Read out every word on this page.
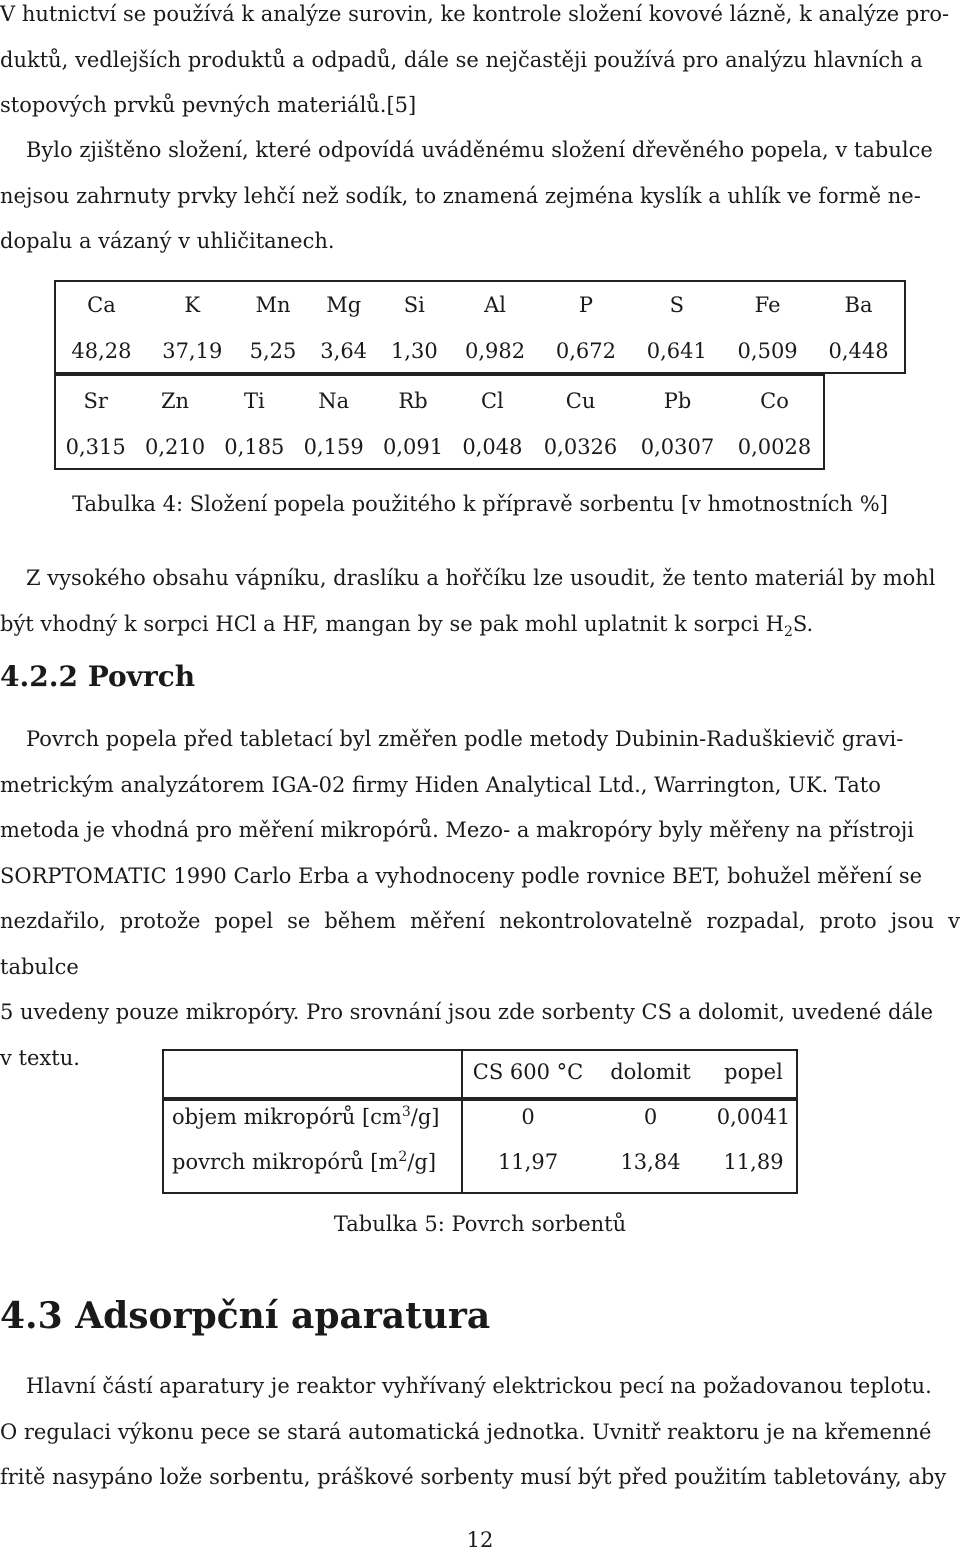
V hutnictví se používá k analýze surovin, ke kontrole složení kovové lázně, k analýze pro-

duktů, vedlejších produktů a odpadů, dále se nejčastěji používá pro analýzu hlavních a

stopových prvků pevných materiálů.[5]

Bylo zjištěno složení, které odpovídá uváděnému složení dřevěného popela, v tabulce

nejsou zahrnuty prvky lehčí než sodík, to znamená zejména kyslík a uhlík ve formě ne-

dopalu a vázaný v uhličitanech.

Ca	K	Mn	Mg	Si	Al	P	S	Fe	Ba
48,28	37,19	5,25	3,64	1,30	0,982	0,672	0,641	0,509	0,448
Sr	Zn	Ti	Na	Rb	Cl	Cu	Pb	Co
0,315	0,210	0,185	0,159	0,091	0,048	0,0326	0,0307	0,0028
Tabulka 4: Složení popela použitého k přípravě sorbentu [v hmotnostních %]

Z vysokého obsahu vápníku, draslíku a hořčíku lze usoudit, že tento materiál by mohl

být vhodný k sorpci HCl a HF, mangan by se pak mohl uplatnit k sorpci $H_2S$.

4.2.2 Povrch

Povrch popela před tabletací byl změřen podle metody Dubinin-Raduškievič gravi-

metrickým analyzátorem IGA-02 firmy Hiden Analytical Ltd., Warrington, UK. Tato

metoda je vhodná pro měření mikropórů. Mezo- a makropóry byly měřeny na přístroji

SORPTOMATIC 1990 Carlo Erba a vyhodnoceny podle rovnice BET, bohužel měření se

nezdařilo, protože popel se během měření nekontrolovatelně rozpadal, proto jsou v tabulce

5 uvedeny pouze mikropóry. Pro srovnání jsou zde sorbenty CS a dolomit, uvedené dále

v textu.

	CS 600 °C	dolomit	popel
objem mikropórů $[cm^3/g]$	0	0	0,0041
povrch mikropórů $[m^2/g]$	11,97	13,84	11,89
Tabulka 5: Povrch sorbentů
4.3 Adsorpční aparatura

Hlavní částí aparatury je reaktor vyhřívaný elektrickou pecí na požadovanou teplotu.

O regulaci výkonu pece se stará automatická jednotka. Uvnitř reaktoru je na křemenné

fritě nasypáno lože sorbentu, práškové sorbenty musí být před použitím tabletovány, aby

12
